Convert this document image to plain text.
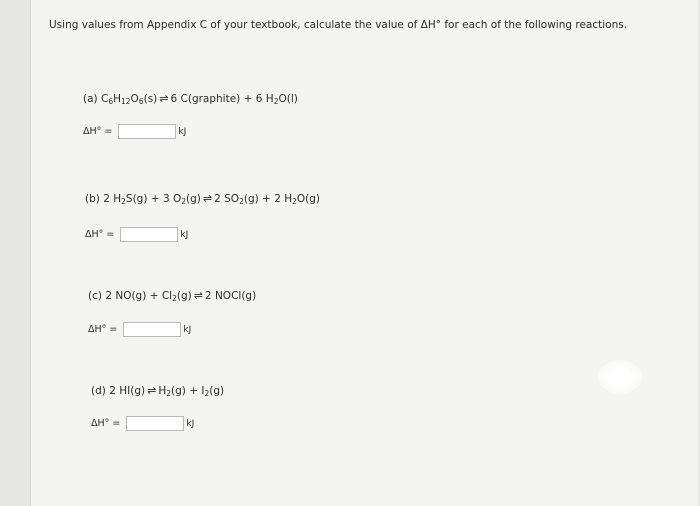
Using values from Appendix C of your textbook, calculate the value of ΔH° for each of the following reactions.
(a) $C_6H_{12}O_6(s)\rightleftharpoons 6$ C(graphite) + 6 $H_2O(l)$
ΔH° =	kJ
(b) 2 $H_2S(g) + 3$ $O_2(g)\rightleftharpoons 2$ $SO_2(g) + 2$ $H_2O(g)$
ΔH° =	kJ
(c) 2 $NO(g) + Cl_2(g)\rightleftharpoons 2$ NOCl(g)
ΔH° =	kJ
(d) 2 $HI(g)\rightleftharpoons H_2(g) + I_2(g)$
ΔH° =	kJ
